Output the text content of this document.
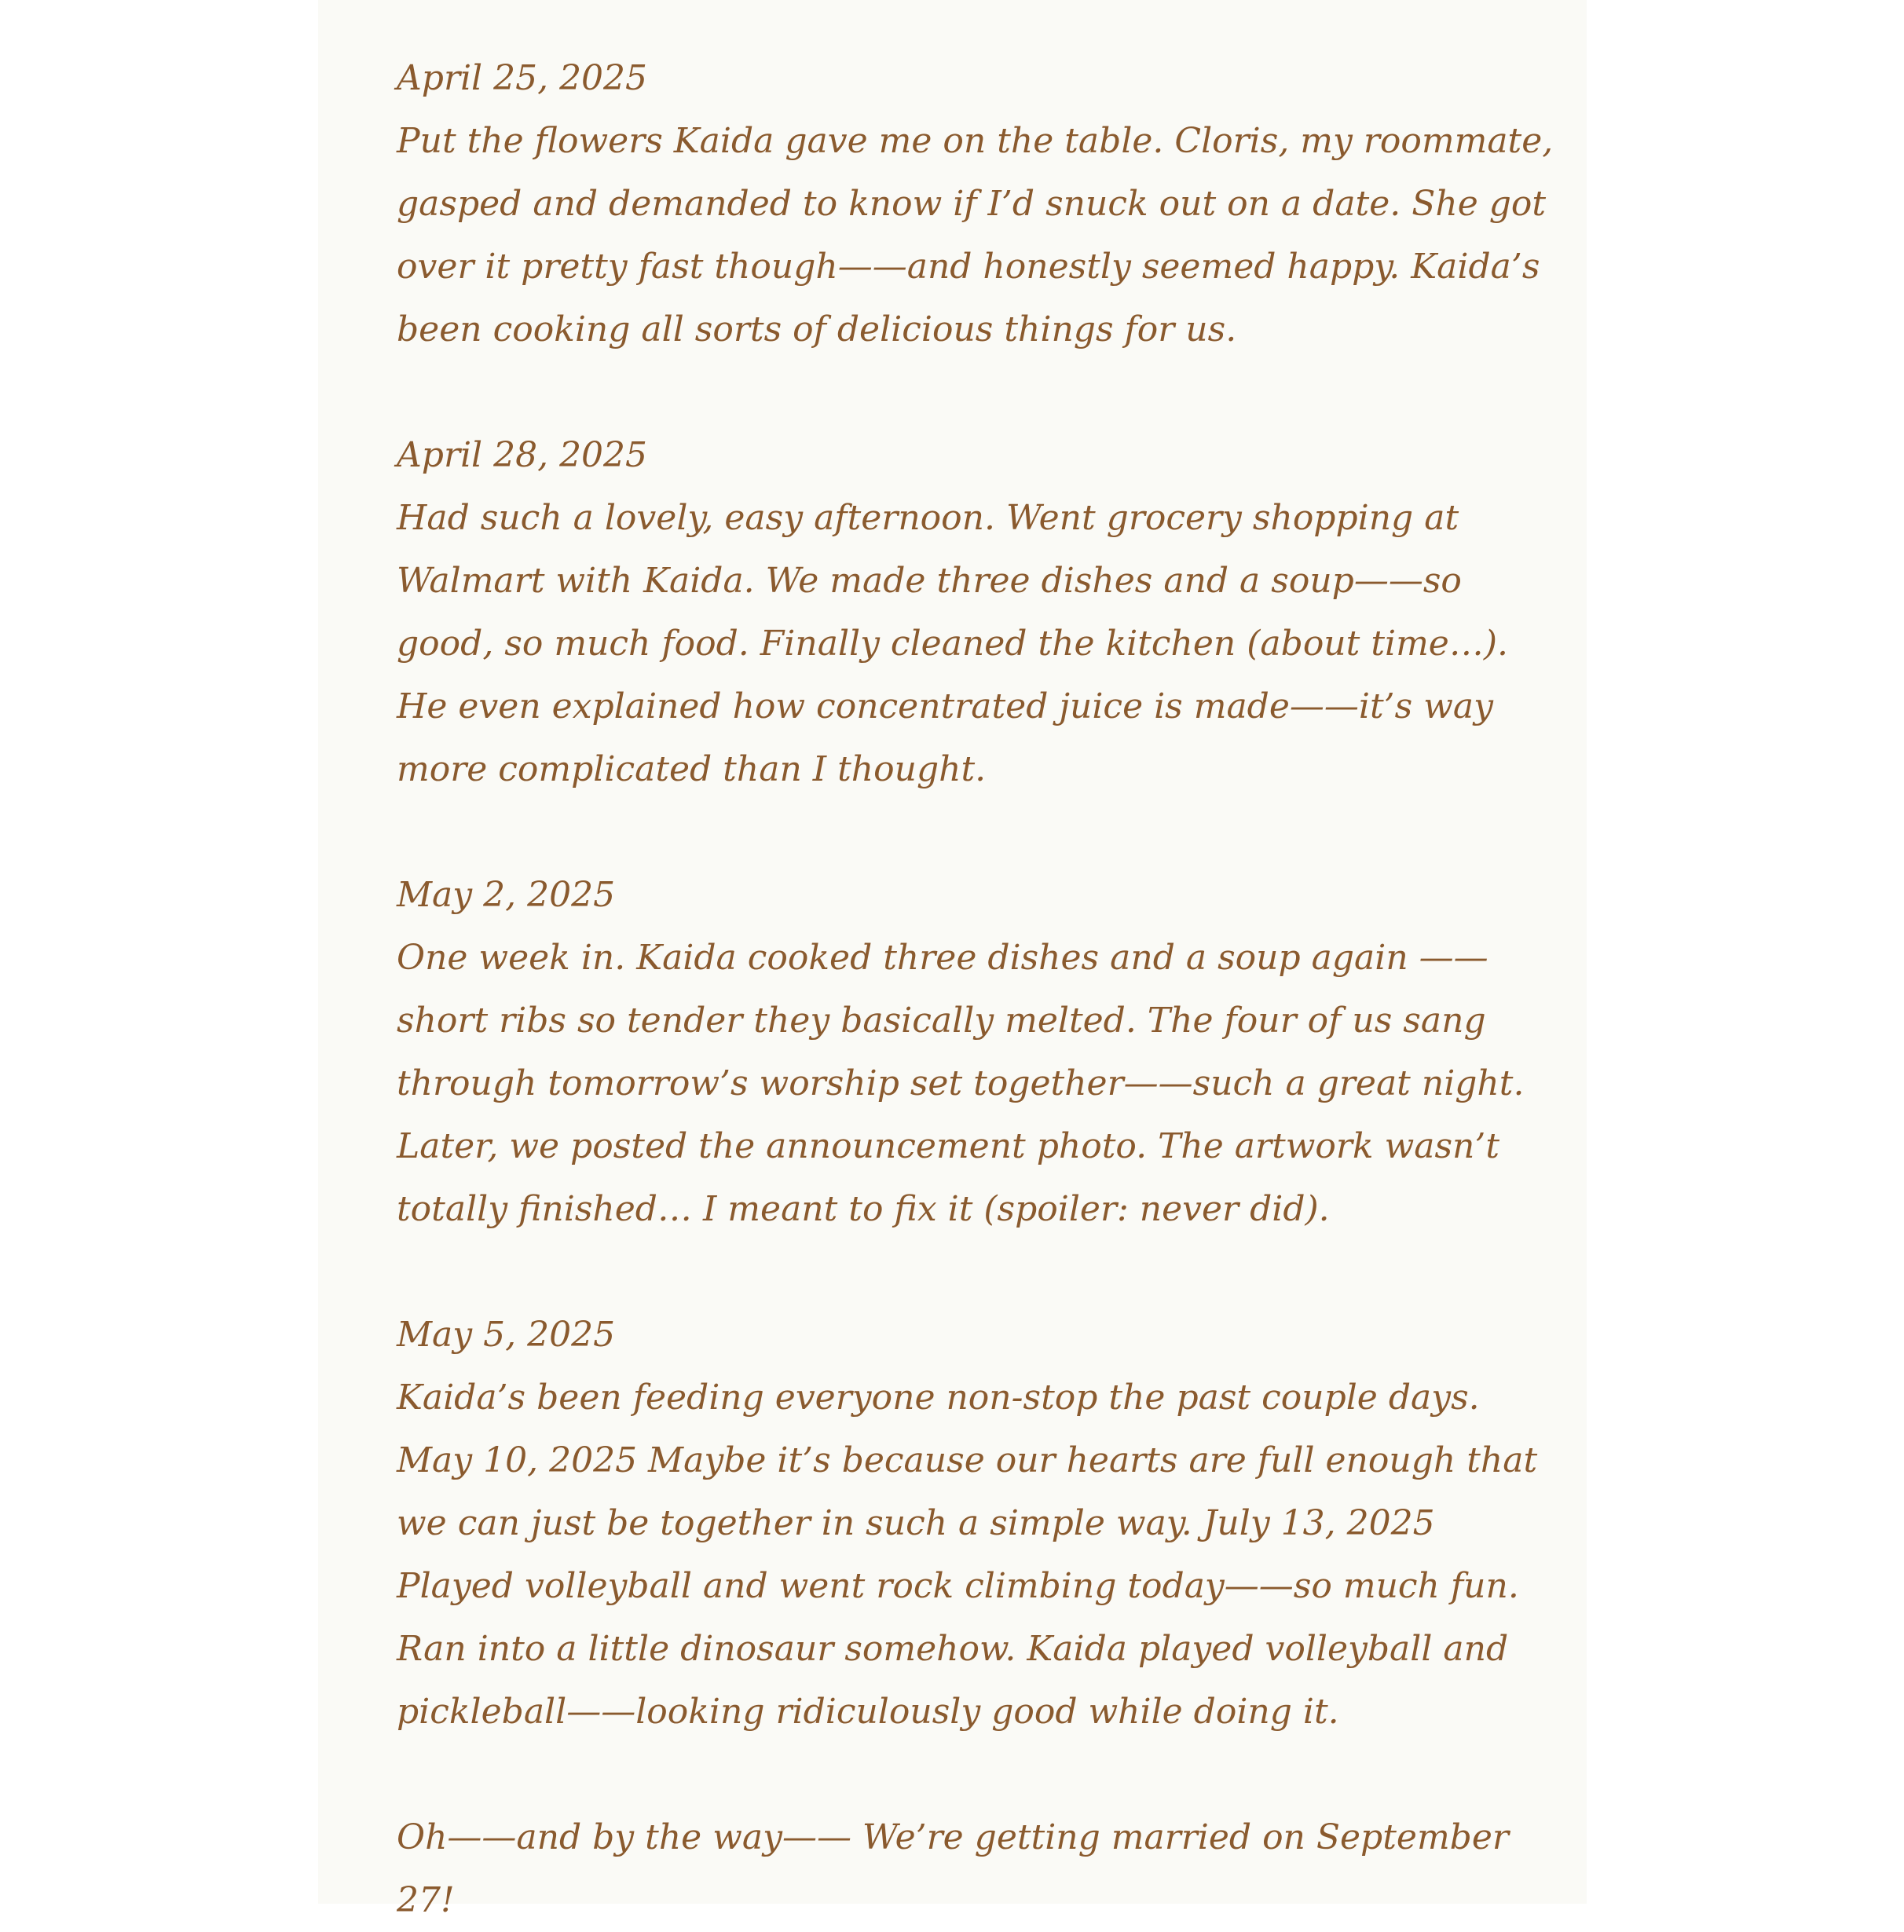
April 25, 2025

Put the flowers Kaida gave me on the table. Cloris, my roommate, gasped and demanded to know if I’d snuck out on a date. She got over it pretty fast though——and honestly seemed happy. Kaida’s been cooking all sorts of delicious things for us.

April 28, 2025

Had such a lovely, easy afternoon. Went grocery shopping at Walmart with Kaida. We made three dishes and a soup——so good, so much food. Finally cleaned the kitchen (about time…). He even explained how concentrated juice is made——it’s way more complicated than I thought.

May 2, 2025

One week in. Kaida cooked three dishes and a soup again ——short ribs so tender they basically melted. The four of us sang through tomorrow’s worship set together——such a great night. Later, we posted the announcement photo. The artwork wasn’t totally finished… I meant to fix it (spoiler: never did).

May 5, 2025

Kaida’s been feeding everyone non-stop the past couple days. May 10, 2025 Maybe it’s because our hearts are full enough that we can just be together in such a simple way. July 13, 2025 Played volleyball and went rock climbing today——so much fun. Ran into a little dinosaur somehow. Kaida played volleyball and pickleball——looking ridiculously good while doing it.

Oh——and by the way—— We’re getting married on September 27!
